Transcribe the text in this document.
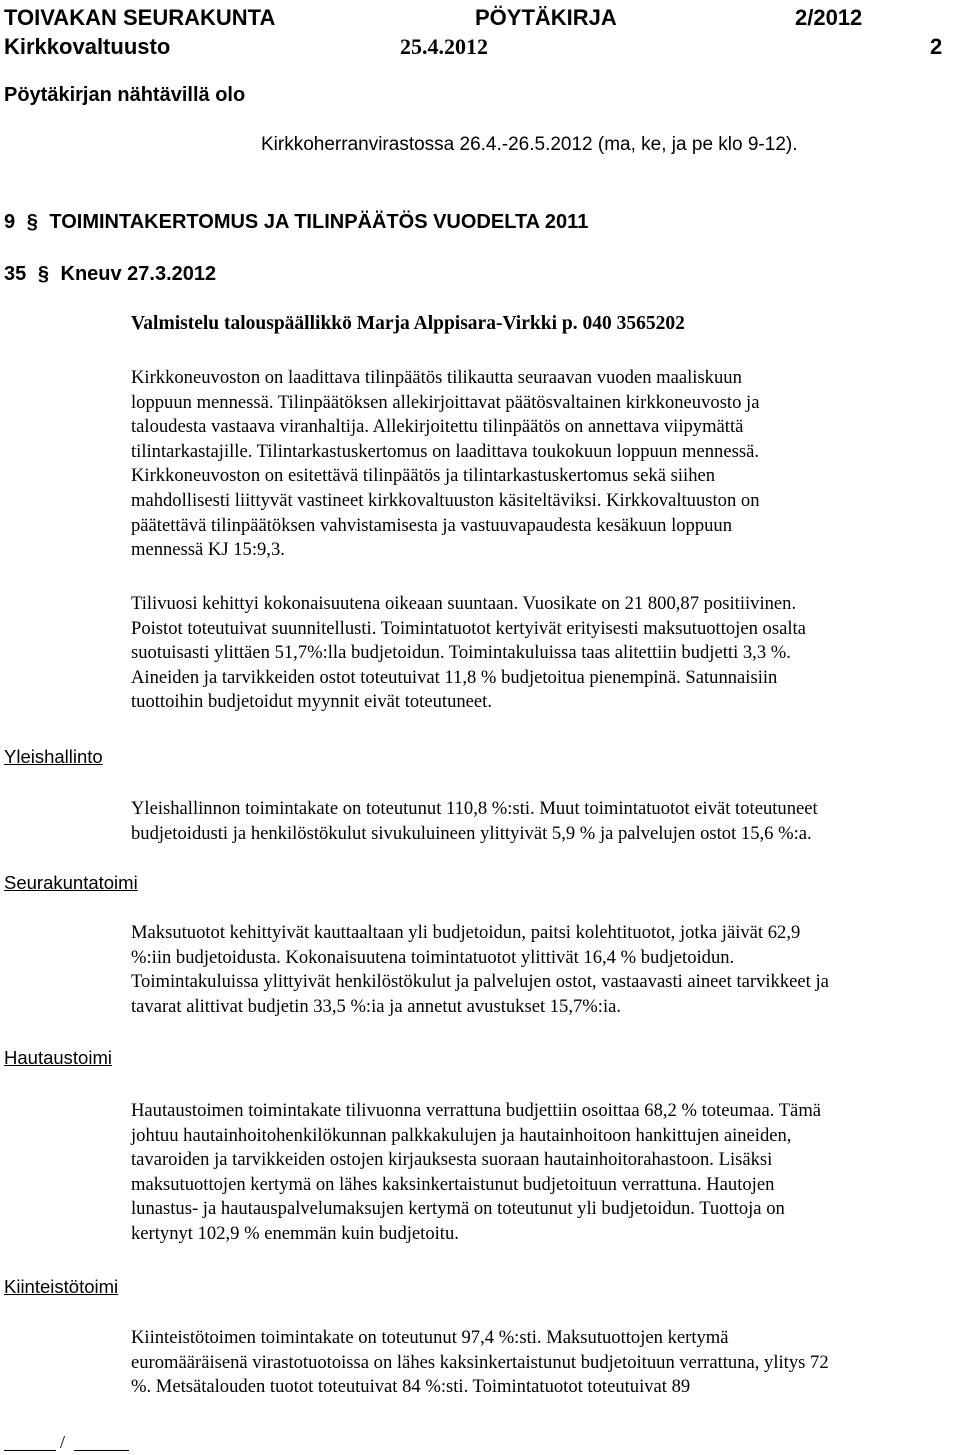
TOIVAKAN SEURAKUNTA	PÖYTÄKIRJA	2/2012
Kirkkovaltuusto	25.4.2012	2
Pöytäkirjan nähtävillä olo
Kirkkoherranvirastossa 26.4.-26.5.2012 (ma, ke, ja pe klo 9-12).
9 § TOIMINTAKERTOMUS JA TILINPÄÄTÖS VUODELTA 2011
35 § Kneuv 27.3.2012
Valmistelu talouspäällikkö Marja Alppisara-Virkki p. 040 3565202
Kirkkoneuvoston on laadittava tilinpäätös tilikautta seuraavan vuoden maaliskuun
loppuun mennessä. Tilinpäätöksen allekirjoittavat päätösvaltainen kirkkoneuvosto ja
taloudesta vastaava viranhaltija. Allekirjoitettu tilinpäätös on annettava viipymättä
tilintarkastajille. Tilintarkastuskertomus on laadittava toukokuun loppuun mennessä.
Kirkkoneuvoston on esitettävä tilinpäätös ja tilintarkastuskertomus sekä siihen
mahdollisesti liittyvät vastineet kirkkovaltuuston käsiteltäviksi. Kirkkovaltuuston on
päätettävä tilinpäätöksen vahvistamisesta ja vastuuvapaudesta kesäkuun loppuun
mennessä KJ 15:9,3.
Tilivuosi kehittyi kokonaisuutena oikeaan suuntaan. Vuosikate on 21 800,87 positiivinen.
Poistot toteutuivat suunnitellusti. Toimintatuotot kertyivät erityisesti maksutuottojen osalta
suotuisasti ylittäen 51,7%:lla budjetoidun. Toimintakuluissa taas alitettiin budjetti 3,3 %.
Aineiden ja tarvikkeiden ostot toteutuivat 11,8 % budjetoitua pienempinä. Satunnaisiin
tuottoihin budjetoidut myynnit eivät toteutuneet.
Yleishallinto
Yleishallinnon toimintakate on toteutunut 110,8 %:sti. Muut toimintatuotot eivät toteutuneet
budjetoidusti ja henkilöstökulut sivukuluineen ylittyivät 5,9 % ja palvelujen ostot 15,6 %:a.
Seurakuntatoimi
Maksutuotot kehittyivät kauttaaltaan yli budjetoidun, paitsi kolehtituotot, jotka jäivät 62,9
%:iin budjetoidusta. Kokonaisuutena toimintatuotot ylittivät 16,4 % budjetoidun.
Toimintakuluissa ylittyivät henkilöstökulut ja palvelujen ostot, vastaavasti aineet tarvikkeet ja
tavarat alittivat budjetin 33,5 %:ia ja annetut avustukset 15,7%:ia.
Hautaustoimi
Hautaustoimen toimintakate tilivuonna verrattuna budjettiin osoittaa 68,2 % toteumaa. Tämä
johtuu hautainhoitohenkilökunnan palkkakulujen ja hautainhoitoon hankittujen aineiden,
tavaroiden ja tarvikkeiden ostojen kirjauksesta suoraan hautainhoitorahastoon. Lisäksi
maksutuottojen kertymä on lähes kaksinkertaistunut budjetoituun verrattuna. Hautojen
lunastus- ja hautauspalvelumaksujen kertymä on toteutunut yli budjetoidun. Tuottoja on
kertynyt 102,9 % enemmän kuin budjetoitu.
Kiinteistötoimi
Kiinteistötoimen toimintakate on toteutunut 97,4 %:sti. Maksutuottojen kertymä
euromääräisenä virastotuotoissa on lähes kaksinkertaistunut budjetoituun verrattuna, ylitys 72
%. Metsätalouden tuotot toteutuivat 84 %:sti. Toimintatuotot toteutuivat 89
/
